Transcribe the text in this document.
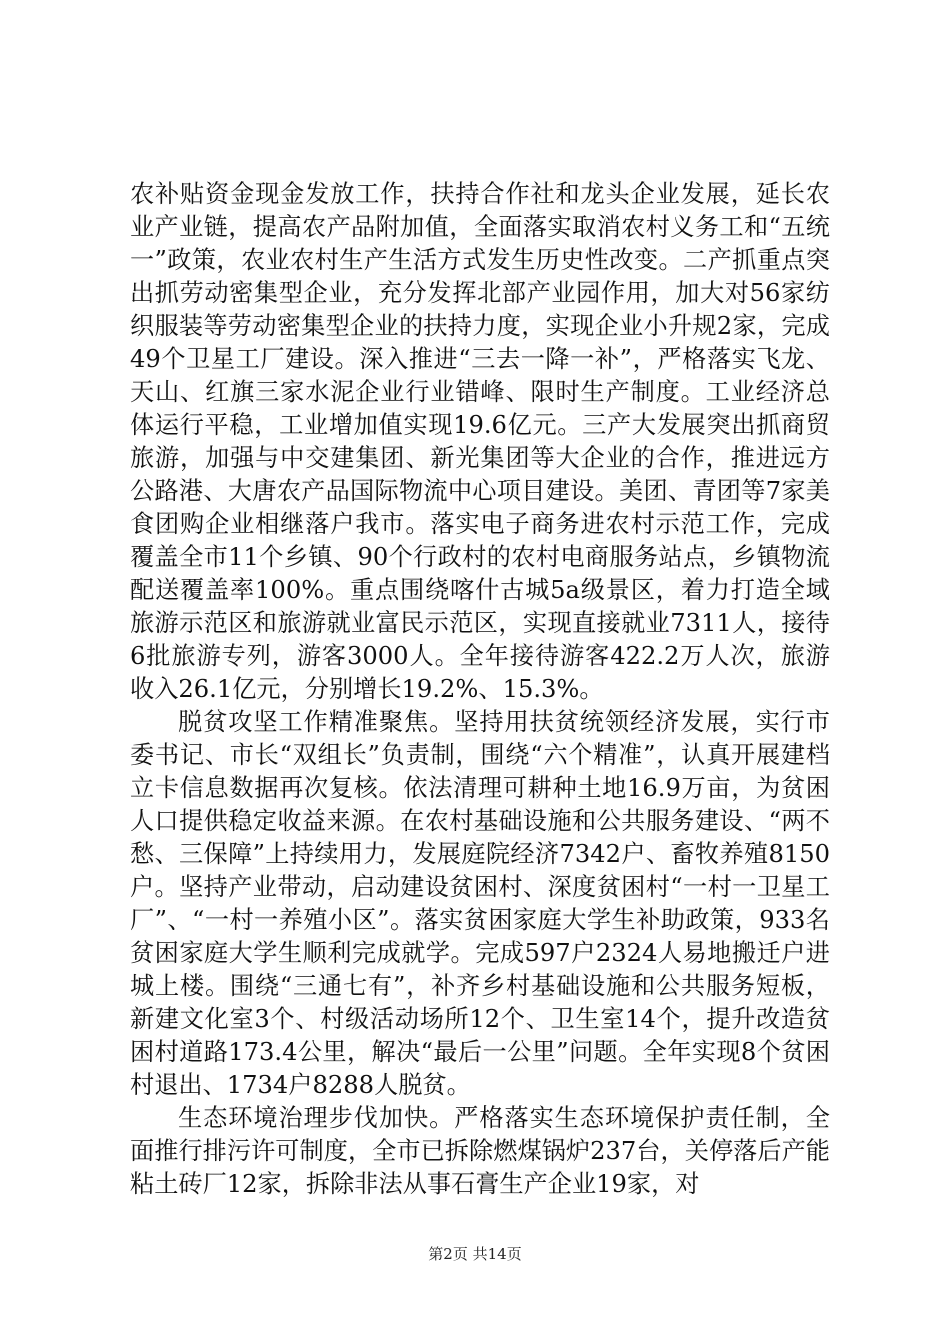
农补贴资金现金发放工作，扶持合作社和龙头企业发展，延长农业产业链，提高农产品附加值，全面落实取消农村义务工和“五统一”政策，农业农村生产生活方式发生历史性改变。二产抓重点突出抓劳动密集型企业，充分发挥北部产业园作用，加大对56家纺织服装等劳动密集型企业的扶持力度，实现企业小升规2家，完成49个卫星工厂建设。深入推进“三去一降一补”，严格落实飞龙、天山、红旗三家水泥企业行业错峰、限时生产制度。工业经济总体运行平稳，工业增加值实现19.6亿元。三产大发展突出抓商贸旅游，加强与中交建集团、新光集团等大企业的合作，推进远方公路港、大唐农产品国际物流中心项目建设。美团、青团等7家美食团购企业相继落户我市。落实电子商务进农村示范工作，完成覆盖全市11个乡镇、90个行政村的农村电商服务站点，乡镇物流配送覆盖率100%。重点围绕喀什古城5a级景区，着力打造全域旅游示范区和旅游就业富民示范区，实现直接就业7311人，接待6批旅游专列，游客3000人。全年接待游客422.2万人次，旅游收入26.1亿元，分别增长19.2%、15.3%。

脱贫攻坚工作精准聚焦。坚持用扶贫统领经济发展，实行市委书记、市长“双组长”负责制，围绕“六个精准”，认真开展建档立卡信息数据再次复核。依法清理可耕种土地16.9万亩，为贫困人口提供稳定收益来源。在农村基础设施和公共服务建设、“两不愁、三保障”上持续用力，发展庭院经济7342户、畜牧养殖8150户。坚持产业带动，启动建设贫困村、深度贫困村“一村一卫星工厂”、“一村一养殖小区”。落实贫困家庭大学生补助政策，933名贫困家庭大学生顺利完成就学。完成597户2324人易地搬迁户进城上楼。围绕“三通七有”，补齐乡村基础设施和公共服务短板，新建文化室3个、村级活动场所12个、卫生室14个，提升改造贫困村道路173.4公里，解决“最后一公里”问题。全年实现8个贫困村退出、1734户8288人脱贫。

生态环境治理步伐加快。严格落实生态环境保护责任制，全面推行排污许可制度，全市已拆除燃煤锅炉237台，关停落后产能粘土砖厂12家，拆除非法从事石膏生产企业19家，对

第2页 共14页
